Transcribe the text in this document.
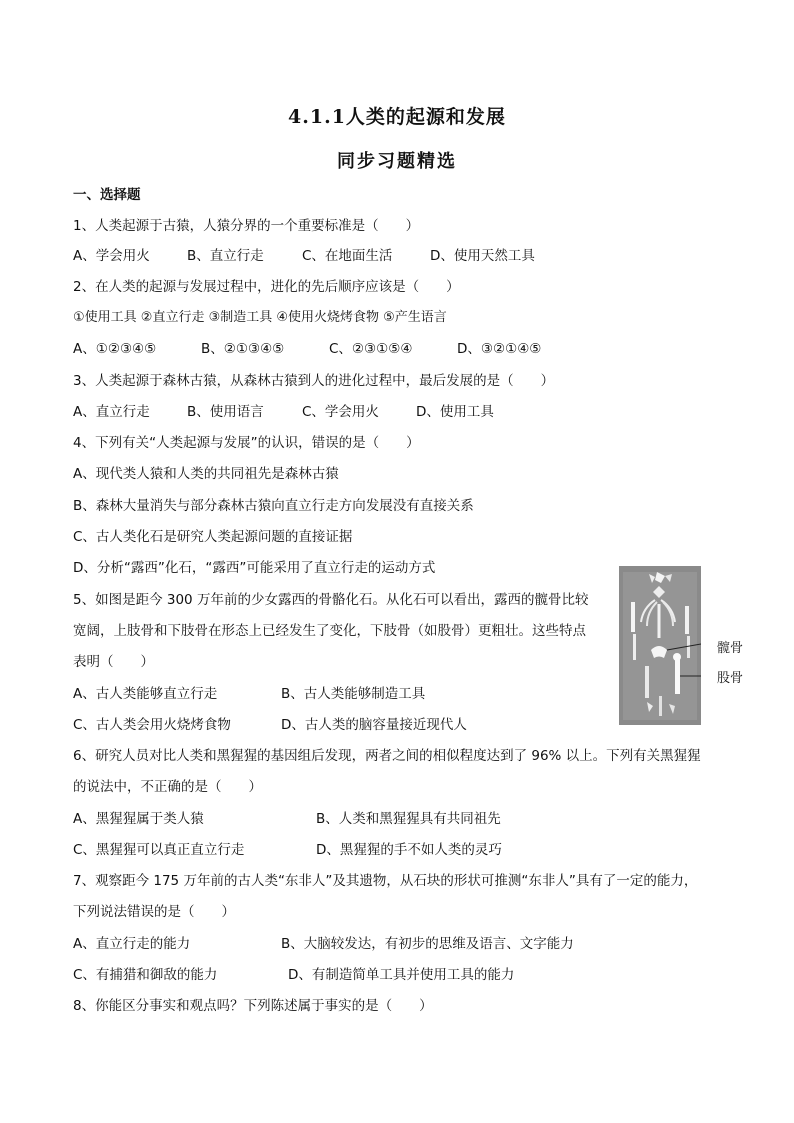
4.1.1人类的起源和发展
同步习题精选
一、选择题
1、人类起源于古猿，人猿分界的一个重要标准是（　　）
A、学会用火	B、直立行走	C、在地面生活	D、使用天然工具
2、在人类的起源与发展过程中，进化的先后顺序应该是（　　）
①使用工具 ②直立行走 ③制造工具 ④使用火烧烤食物 ⑤产生语言
A、①②③④⑤	B、②①③④⑤	C、②③①⑤④	D、③②①④⑤
3、人类起源于森林古猿，从森林古猿到人的进化过程中，最后发展的是（　　）
A、直立行走	B、使用语言	C、学会用火	D、使用工具
4、下列有关“人类起源与发展”的认识，错误的是（　　）
A、现代类人猿和人类的共同祖先是森林古猿
B、森林大量消失与部分森林古猿向直立行走方向发展没有直接关系
C、古人类化石是研究人类起源问题的直接证据
D、分析“露西”化石，“露西”可能采用了直立行走的运动方式
5、如图是距今 300 万年前的少女露西的骨骼化石。从化石可以看出，露西的髋骨比较
宽阔，上肢骨和下肢骨在形态上已经发生了变化，下肢骨（如股骨）更粗壮。这些特点
表明（　　）
A、古人类能够直立行走	B、古人类能够制造工具
C、古人类会用火烧烤食物	D、古人类的脑容量接近现代人
髋骨
股骨
6、研究人员对比人类和黑猩猩的基因组后发现，两者之间的相似程度达到了 96% 以上。下列有关黑猩猩
的说法中，不正确的是（　　）
A、黑猩猩属于类人猿	B、人类和黑猩猩具有共同祖先
C、黑猩猩可以真正直立行走	D、黑猩猩的手不如人类的灵巧
7、观察距今 175 万年前的古人类“东非人”及其遗物，从石块的形状可推测“东非人”具有了一定的能力，
下列说法错误的是（　　）
A、直立行走的能力	B、大脑较发达，有初步的思维及语言、文字能力
C、有捕猎和御敌的能力	D、有制造简单工具并使用工具的能力
8、你能区分事实和观点吗？下列陈述属于事实的是（　　）
